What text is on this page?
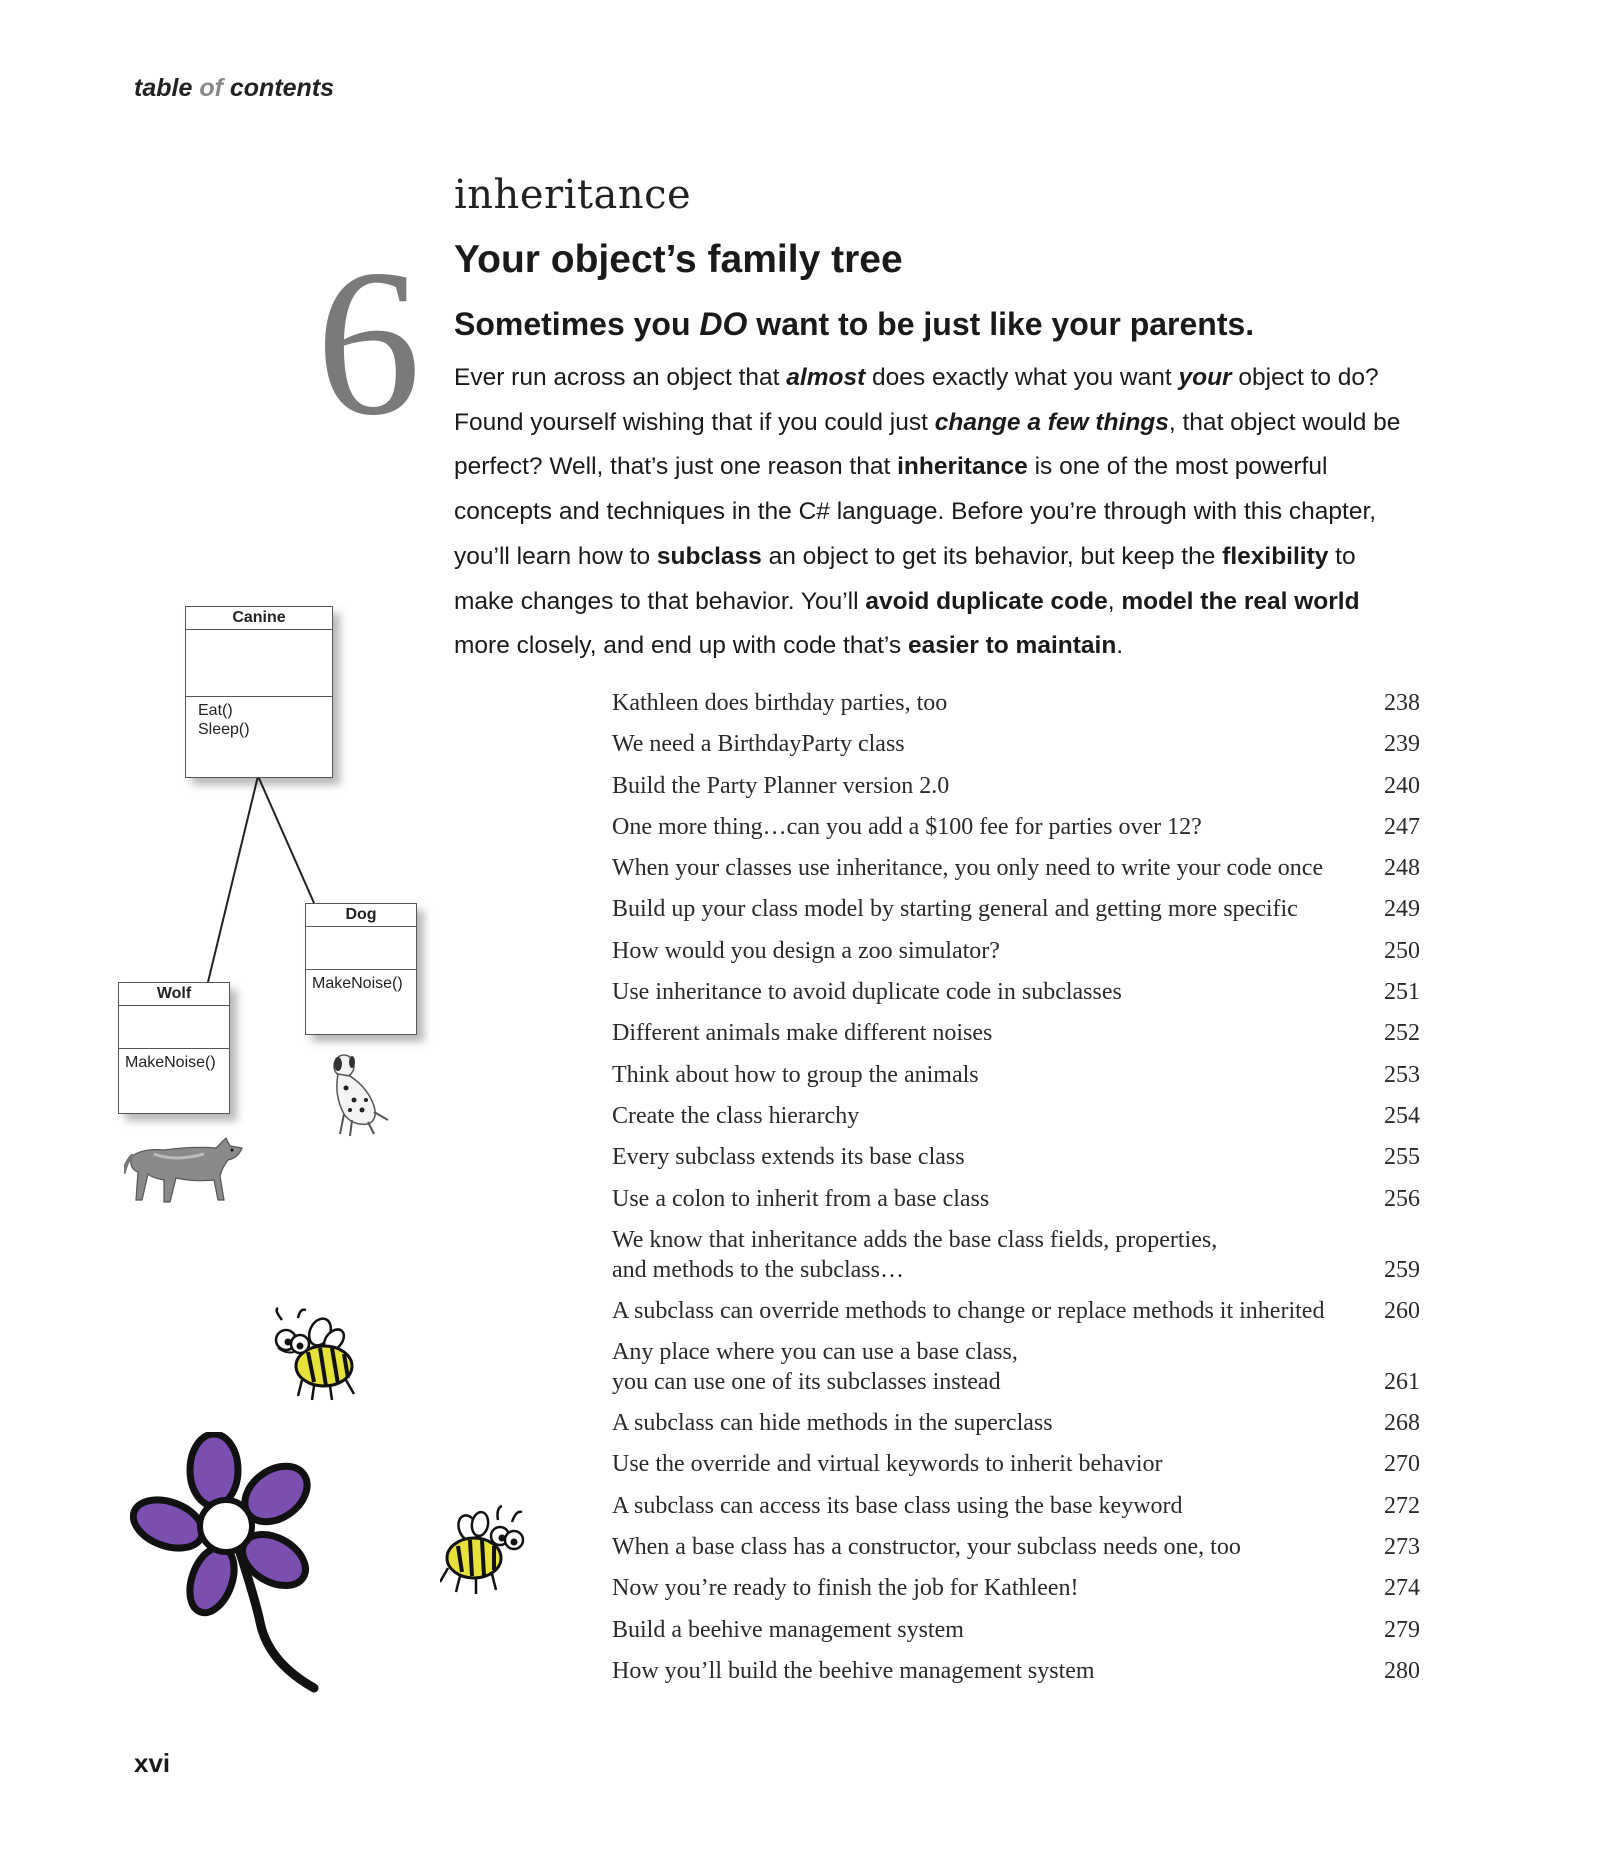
table of contents
6
inheritance
Your object’s family tree
Sometimes you DO want to be just like your parents.
Ever run across an object that almost does exactly what you want your object to do? Found yourself wishing that if you could just change a few things, that object would be perfect? Well, that’s just one reason that inheritance is one of the most powerful concepts and techniques in the C# language. Before you’re through with this chapter, you’ll learn how to subclass an object to get its behavior, but keep the flexibility to make changes to that behavior. You’ll avoid duplicate code, model the real world more closely, and end up with code that’s easier to maintain.
Kathleen does birthday parties, too	238
We need a BirthdayParty class	239
Build the Party Planner version 2.0	240
One more thing…can you add a $100 fee for parties over 12?	247
When your classes use inheritance, you only need to write your code once	248
Build up your class model by starting general and getting more specific	249
How would you design a zoo simulator?	250
Use inheritance to avoid duplicate code in subclasses	251
Different animals make different noises	252
Think about how to group the animals	253
Create the class hierarchy	254
Every subclass extends its base class	255
Use a colon to inherit from a base class	256
We know that inheritance adds the base class fields, properties,
and methods to the subclass…	259
A subclass can override methods to change or replace methods it inherited	260
Any place where you can use a base class,
you can use one of its subclasses instead	261
A subclass can hide methods in the superclass	268
Use the override and virtual keywords to inherit behavior	270
A subclass can access its base class using the base keyword	272
When a base class has a constructor, your subclass needs one, too	273
Now you’re ready to finish the job for Kathleen!	274
Build a beehive management system	279
How you’ll build the beehive management system	280
Canine
Eat()
Sleep()
Dog
MakeNoise()
Wolf
MakeNoise()
xvi
